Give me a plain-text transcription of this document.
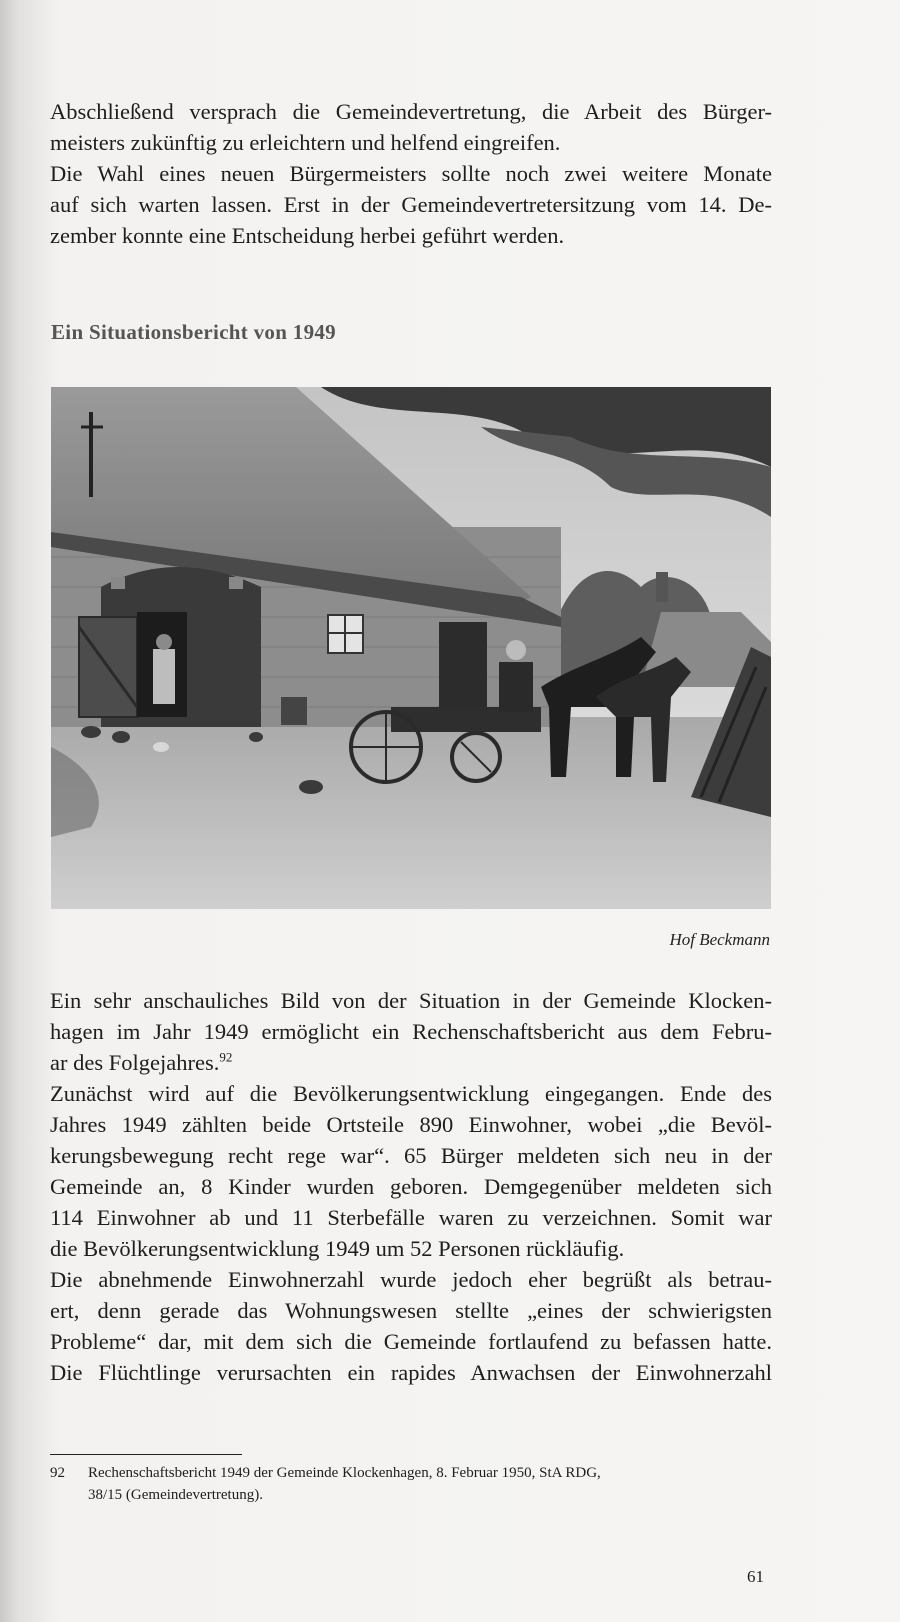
Abschließend versprach die Gemeindevertretung, die Arbeit des Bürger-
meisters zukünftig zu erleichtern und helfend eingreifen.
Die Wahl eines neuen Bürgermeisters sollte noch zwei weitere Monate
auf sich warten lassen. Erst in der Gemeindevertretersitzung vom 14. De-
zember konnte eine Entscheidung herbei geführt werden.

Ein Situationsbericht von 1949
Hof Beckmann

Ein sehr anschauliches Bild von der Situation in der Gemeinde Klocken-
hagen im Jahr 1949 ermöglicht ein Rechenschaftsbericht aus dem Febru-
ar des Folgejahres.$^{92}$
Zunächst wird auf die Bevölkerungsentwicklung eingegangen. Ende des
Jahres 1949 zählten beide Ortsteile 890 Einwohner, wobei „die Bevöl-
kerungsbewegung recht rege war“. 65 Bürger meldeten sich neu in der
Gemeinde an, 8 Kinder wurden geboren. Demgegenüber meldeten sich
114 Einwohner ab und 11 Sterbefälle waren zu verzeichnen. Somit war
die Bevölkerungsentwicklung 1949 um 52 Personen rückläufig.
Die abnehmende Einwohnerzahl wurde jedoch eher begrüßt als betrau-
ert, denn gerade das Wohnungswesen stellte „eines der schwierigsten
Probleme“ dar, mit dem sich die Gemeinde fortlaufend zu befassen hatte.
Die Flüchtlinge verursachten ein rapides Anwachsen der Einwohnerzahl

92 Rechenschaftsbericht 1949 der Gemeinde Klockenhagen, 8. Februar 1950, StA RDG,
38/15 (Gemeindevertretung).
61
